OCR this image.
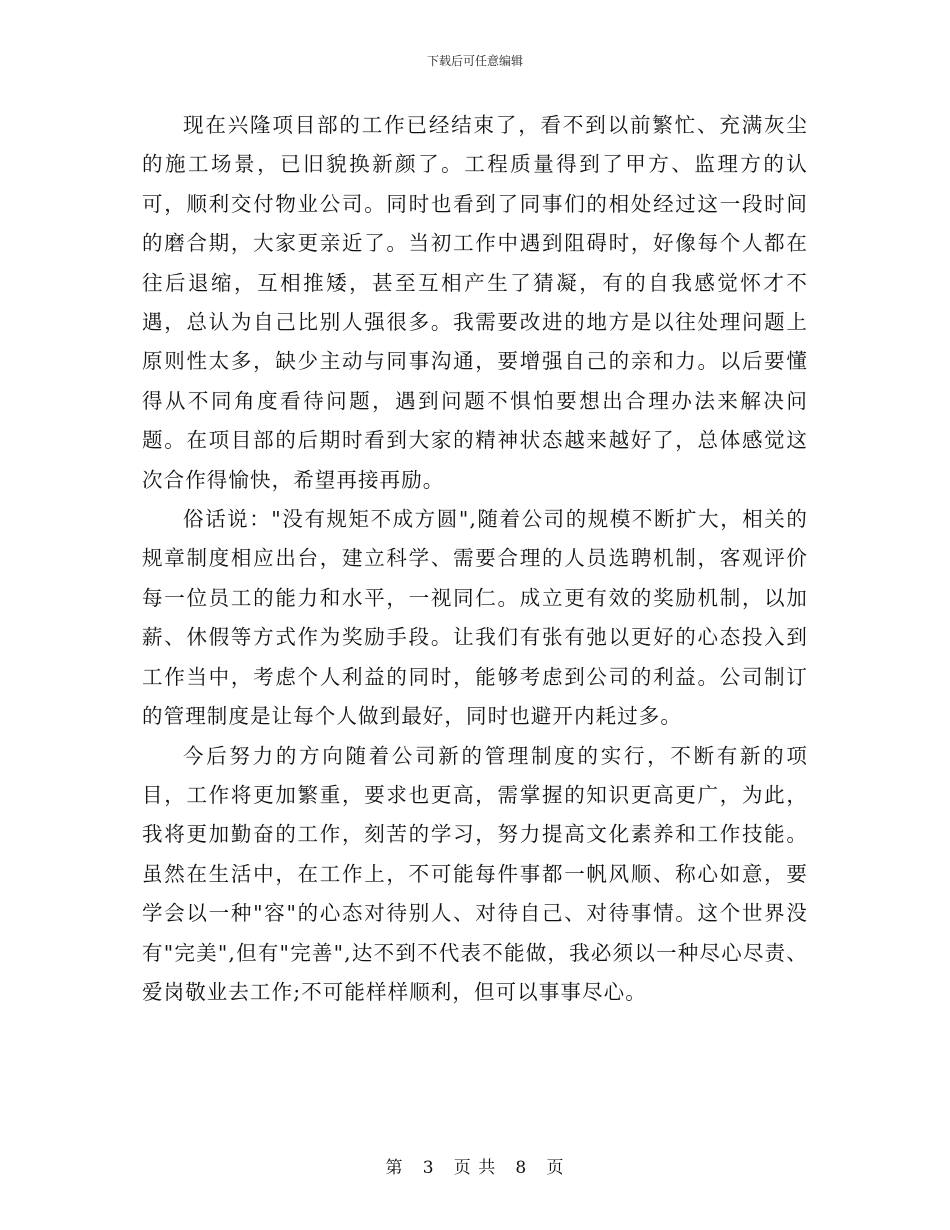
下载后可任意编辑

现在兴隆项目部的工作已经结束了，看不到以前繁忙、充满灰尘的施工场景，已旧貌换新颜了。工程质量得到了甲方、监理方的认可，顺利交付物业公司。同时也看到了同事们的相处经过这一段时间的磨合期，大家更亲近了。当初工作中遇到阻碍时，好像每个人都在往后退缩，互相推矮，甚至互相产生了猜凝，有的自我感觉怀才不遇，总认为自己比别人强很多。我需要改进的地方是以往处理问题上原则性太多，缺少主动与同事沟通，要增强自己的亲和力。以后要懂得从不同角度看待问题，遇到问题不惧怕要想出合理办法来解决问题。在项目部的后期时看到大家的精神状态越来越好了，总体感觉这次合作得愉快，希望再接再励。

俗话说："没有规矩不成方圆",随着公司的规模不断扩大，相关的规章制度相应出台，建立科学、需要合理的人员选聘机制，客观评价每一位员工的能力和水平，一视同仁。成立更有效的奖励机制，以加薪、休假等方式作为奖励手段。让我们有张有弛以更好的心态投入到工作当中，考虑个人利益的同时，能够考虑到公司的利益。公司制订的管理制度是让每个人做到最好，同时也避开内耗过多。

今后努力的方向随着公司新的管理制度的实行，不断有新的项目，工作将更加繁重，要求也更高，需掌握的知识更高更广，为此，我将更加勤奋的工作，刻苦的学习，努力提高文化素养和工作技能。虽然在生活中，在工作上，不可能每件事都一帆风顺、称心如意，要学会以一种"容"的心态对待别人、对待自己、对待事情。这个世界没有"完美",但有"完善",达不到不代表不能做，我必须以一种尽心尽责、爱岗敬业去工作;不可能样样顺利，但可以事事尽心。

第 3 页 共 8 页
